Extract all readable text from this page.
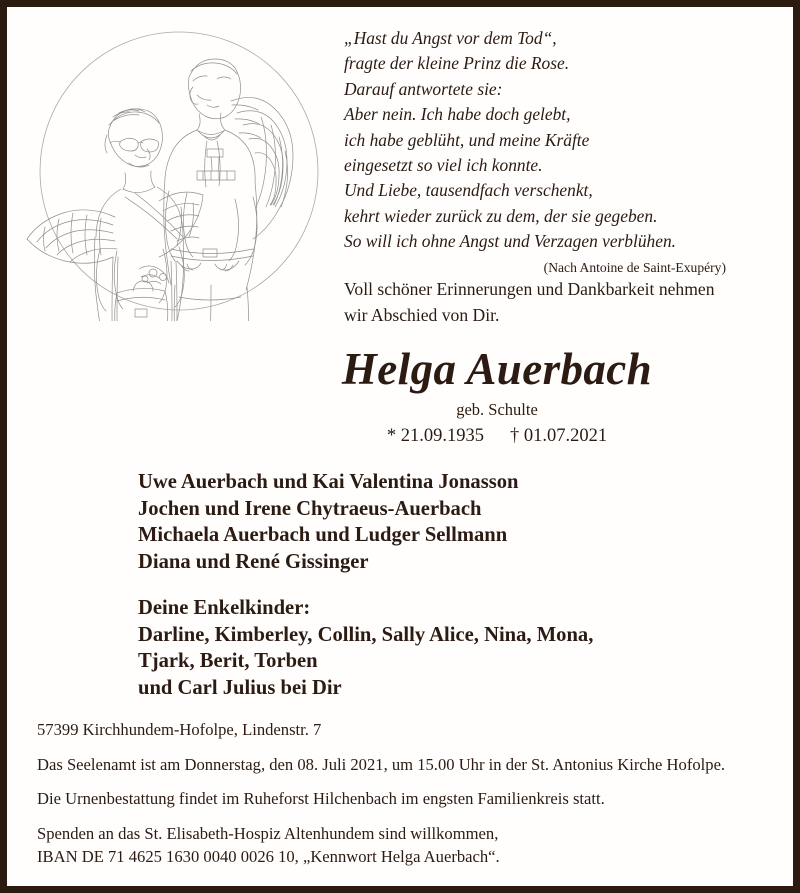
„Hast du Angst vor dem Tod“,
fragte der kleine Prinz die Rose.
Darauf antwortete sie:
Aber nein. Ich habe doch gelebt,
ich habe geblüht, und meine Kräfte
eingesetzt so viel ich konnte.
Und Liebe, tausendfach verschenkt,
kehrt wieder zurück zu dem, der sie gegeben.
So will ich ohne Angst und Verzagen verblühen.
(Nach Antoine de Saint-Exupéry)
Voll schöner Erinnerungen und Dankbarkeit nehmen
wir Abschied von Dir.
Helga Auerbach
geb. Schulte
* 21.09.1935 † 01.07.2021
Uwe Auerbach und Kai Valentina Jonasson
Jochen und Irene Chytraeus-Auerbach
Michaela Auerbach und Ludger Sellmann
Diana und René Gissinger
Deine Enkelkinder:
Darline, Kimberley, Collin, Sally Alice, Nina, Mona,
Tjark, Berit, Torben
und Carl Julius bei Dir
57399 Kirchhundem-Hofolpe, Lindenstr. 7
Das Seelenamt ist am Donnerstag, den 08. Juli 2021, um 15.00 Uhr in der St. Antonius Kirche Hofolpe.
Die Urnenbestattung findet im Ruheforst Hilchenbach im engsten Familienkreis statt.
Spenden an das St. Elisabeth-Hospiz Altenhundem sind willkommen,
IBAN DE 71 4625 1630 0040 0026 10, „Kennwort Helga Auerbach“.
